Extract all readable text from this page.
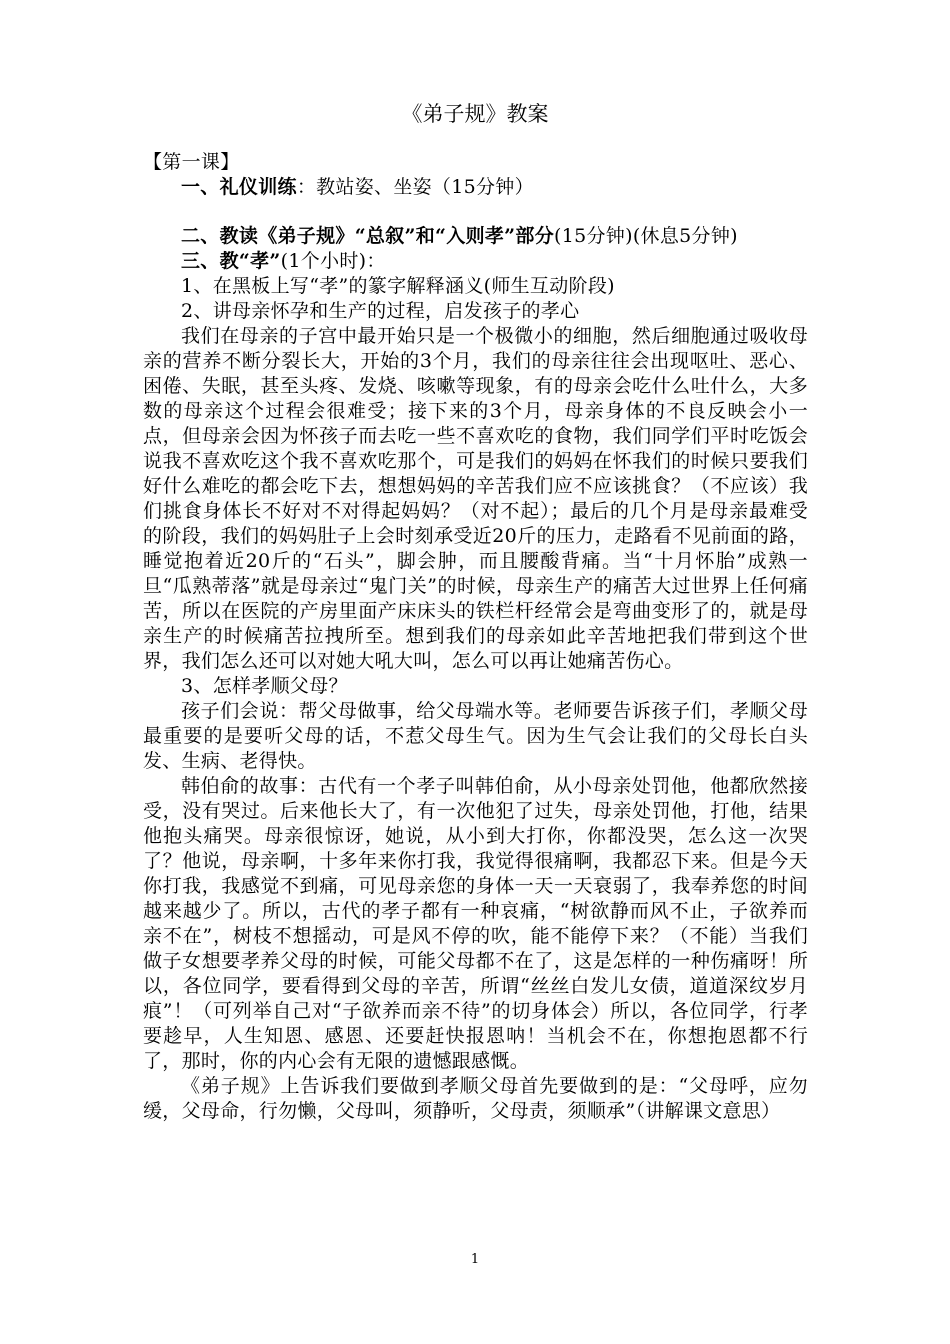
《弟子规》教案

【第一课】

一、礼仪训练：教站姿、坐姿（15分钟）

二、教读《弟子规》“总叙”和“入则孝”部分(15分钟)(休息5分钟)

三、教“孝”(1个小时)：

1、在黑板上写“孝”的篆字解释涵义(师生互动阶段)

2、讲母亲怀孕和生产的过程，启发孩子的孝心

我们在母亲的子宫中最开始只是一个极微小的细胞，然后细胞通过吸收母亲的营养不断分裂长大，开始的3个月，我们的母亲往往会出现呕吐、恶心、困倦、失眠，甚至头疼、发烧、咳嗽等现象，有的母亲会吃什么吐什么，大多数的母亲这个过程会很难受；接下来的3个月，母亲身体的不良反映会小一点，但母亲会因为怀孩子而去吃一些不喜欢吃的食物，我们同学们平时吃饭会说我不喜欢吃这个我不喜欢吃那个，可是我们的妈妈在怀我们的时候只要我们好什么难吃的都会吃下去，想想妈妈的辛苦我们应不应该挑食？（不应该）我们挑食身体长不好对不对得起妈妈？（对不起）；最后的几个月是母亲最难受的阶段，我们的妈妈肚子上会时刻承受近20斤的压力，走路看不见前面的路，睡觉抱着近20斤的“石头”，脚会肿，而且腰酸背痛。当“十月怀胎”成熟一旦“瓜熟蒂落”就是母亲过“鬼门关”的时候，母亲生产的痛苦大过世界上任何痛苦，所以在医院的产房里面产床床头的铁栏杆经常会是弯曲变形了的，就是母亲生产的时候痛苦拉拽所至。想到我们的母亲如此辛苦地把我们带到这个世界，我们怎么还可以对她大吼大叫，怎么可以再让她痛苦伤心。

3、怎样孝顺父母？

孩子们会说：帮父母做事，给父母端水等。老师要告诉孩子们，孝顺父母最重要的是要听父母的话，不惹父母生气。因为生气会让我们的父母长白头发、生病、老得快。

韩伯俞的故事：古代有一个孝子叫韩伯俞，从小母亲处罚他，他都欣然接受，没有哭过。后来他长大了，有一次他犯了过失，母亲处罚他，打他，结果他抱头痛哭。母亲很惊讶，她说，从小到大打你，你都没哭，怎么这一次哭了？他说，母亲啊，十多年来你打我，我觉得很痛啊，我都忍下来。但是今天你打我，我感觉不到痛，可见母亲您的身体一天一天衰弱了，我奉养您的时间越来越少了。所以，古代的孝子都有一种哀痛，“树欲静而风不止，子欲养而亲不在”，树枝不想摇动，可是风不停的吹，能不能停下来？（不能）当我们做子女想要孝养父母的时候，可能父母都不在了，这是怎样的一种伤痛呀！所以，各位同学，要看得到父母的辛苦，所谓“丝丝白发儿女债，道道深纹岁月痕”！（可列举自己对“子欲养而亲不待”的切身体会）所以，各位同学，行孝要趁早，人生知恩、感恩、还要赶快报恩呐！当机会不在，你想抱恩都不行了，那时，你的内心会有无限的遗憾跟感慨。

《弟子规》上告诉我们要做到孝顺父母首先要做到的是：“父母呼，应勿缓，父母命，行勿懒，父母叫，须静听，父母责，须顺承”（讲解课文意思）

1
